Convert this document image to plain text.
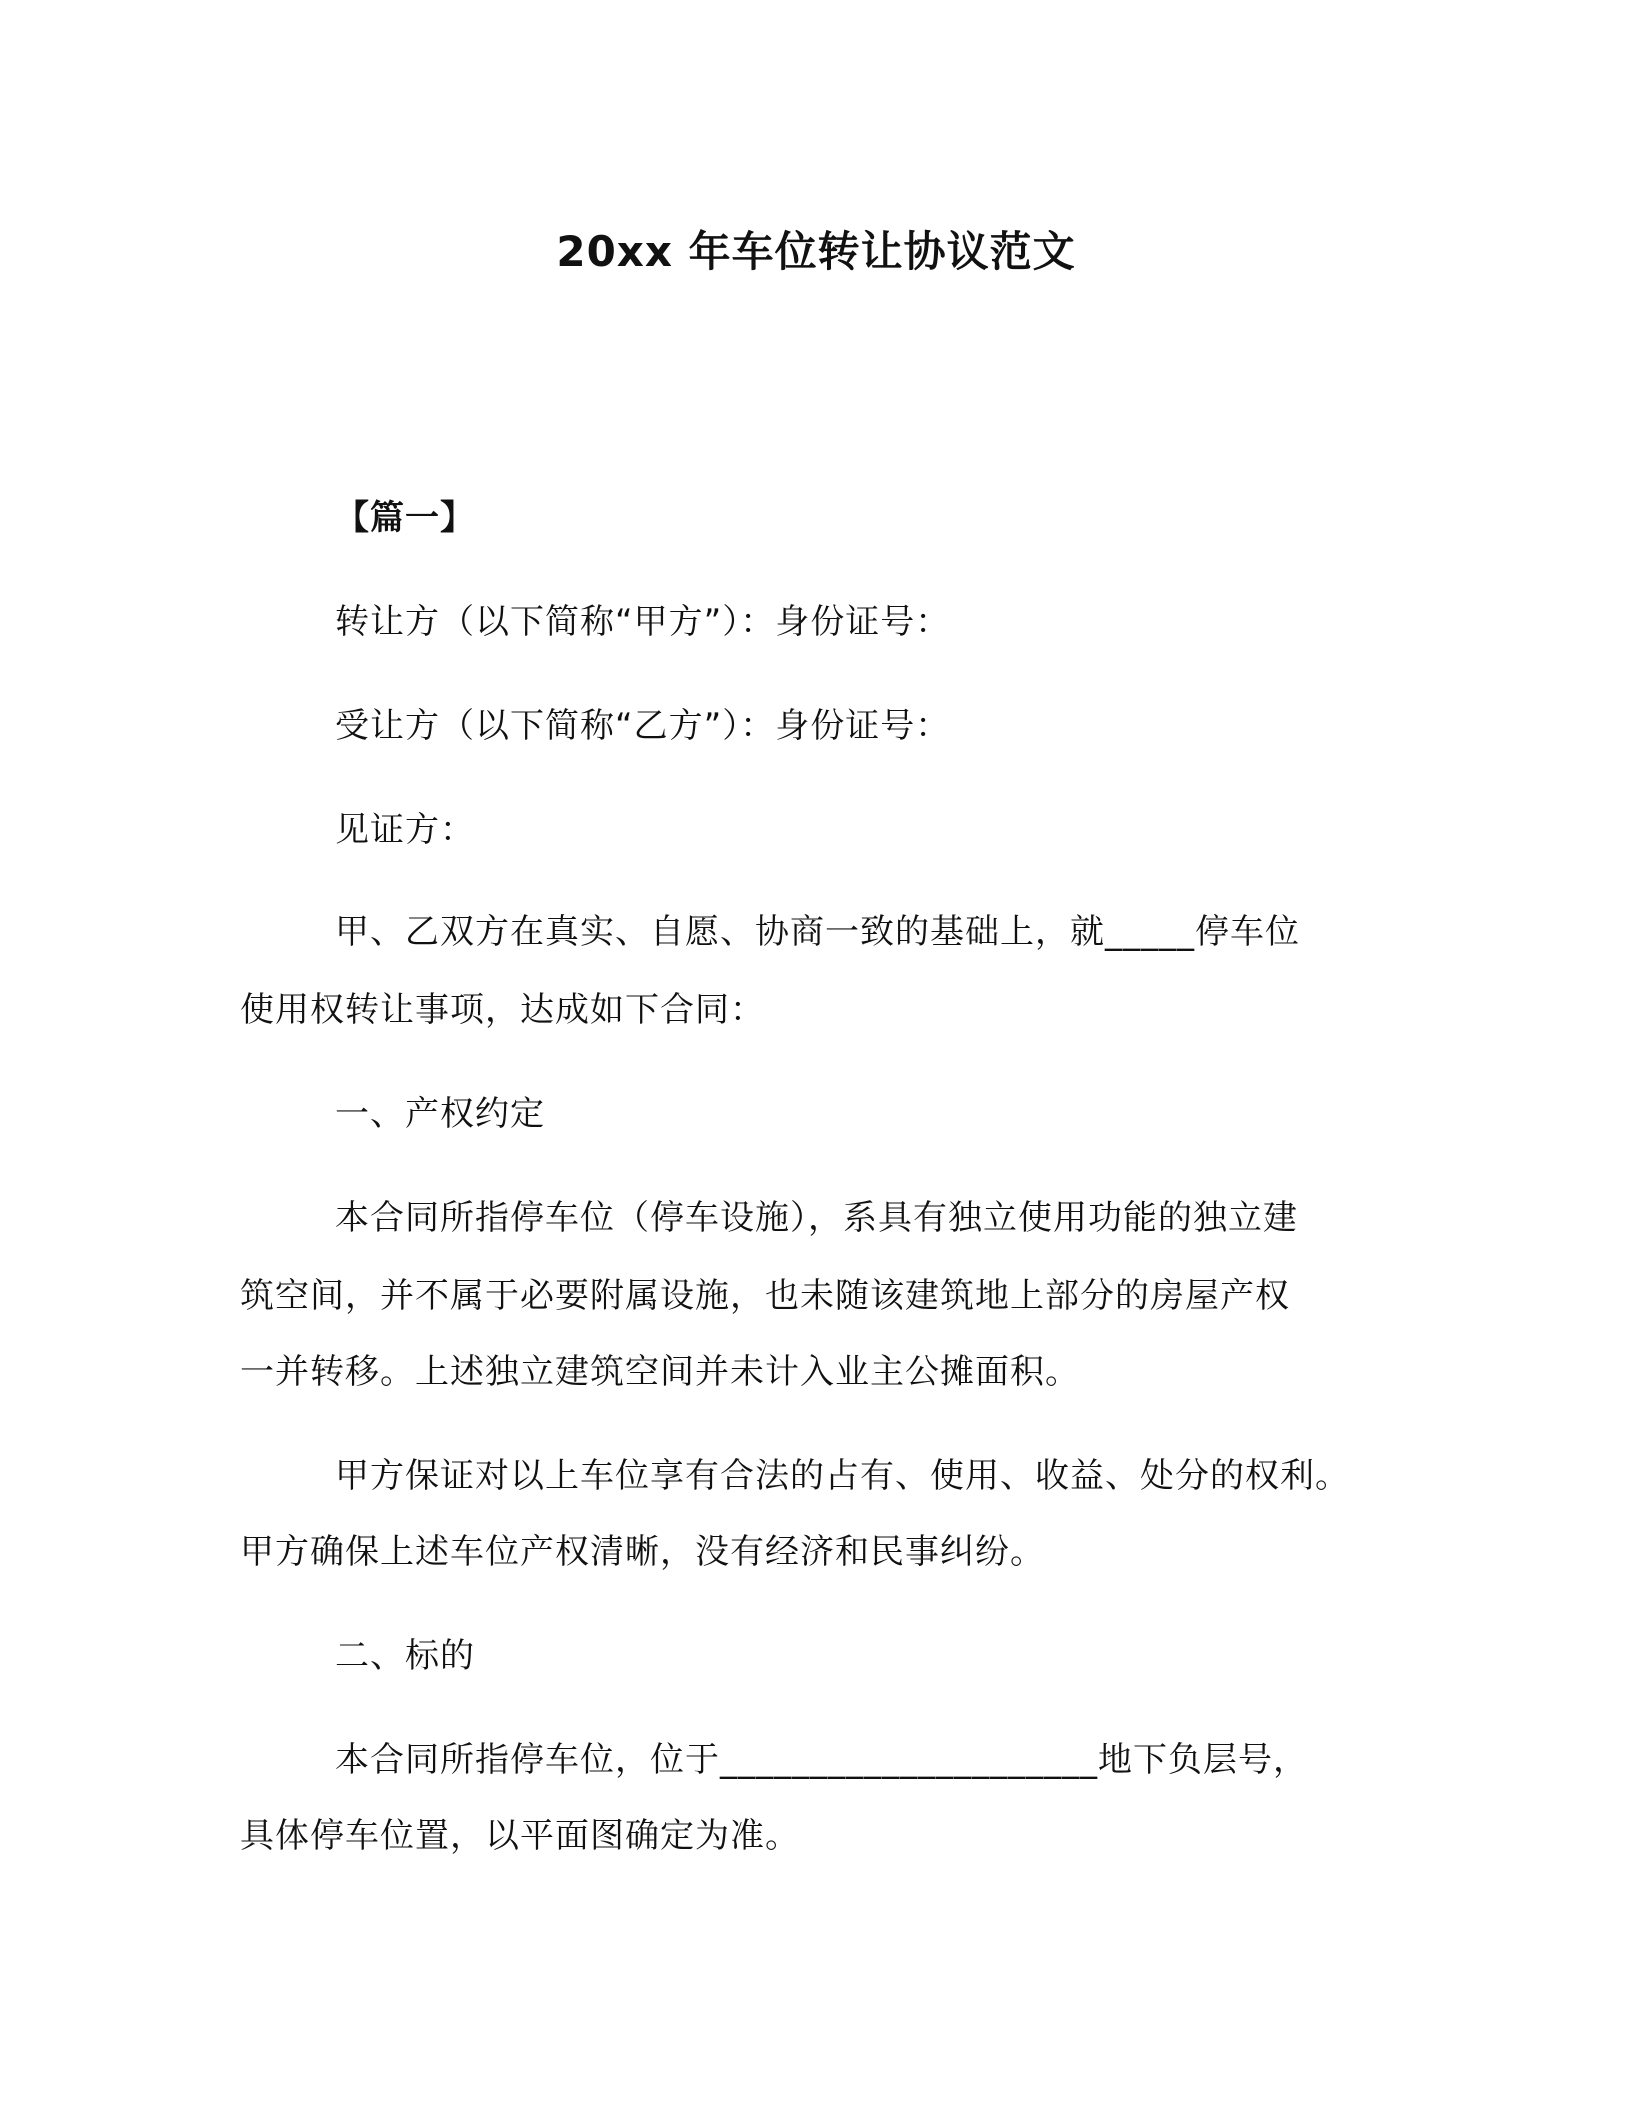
20xx 年车位转让协议范文
【篇一】
转让方（以下简称“甲方”）：身份证号：
受让方（以下简称“乙方”）：身份证号：
见证方：
甲、乙双方在真实、自愿、协商一致的基础上，就_____停车位
使用权转让事项，达成如下合同：
一、产权约定
本合同所指停车位（停车设施），系具有独立使用功能的独立建
筑空间，并不属于必要附属设施，也未随该建筑地上部分的房屋产权
一并转移。上述独立建筑空间并未计入业主公摊面积。
甲方保证对以上车位享有合法的占有、使用、收益、处分的权利。
甲方确保上述车位产权清晰，没有经济和民事纠纷。
二、标的
本合同所指停车位，位于_____________________地下负层号，
具体停车位置，以平面图确定为准。
